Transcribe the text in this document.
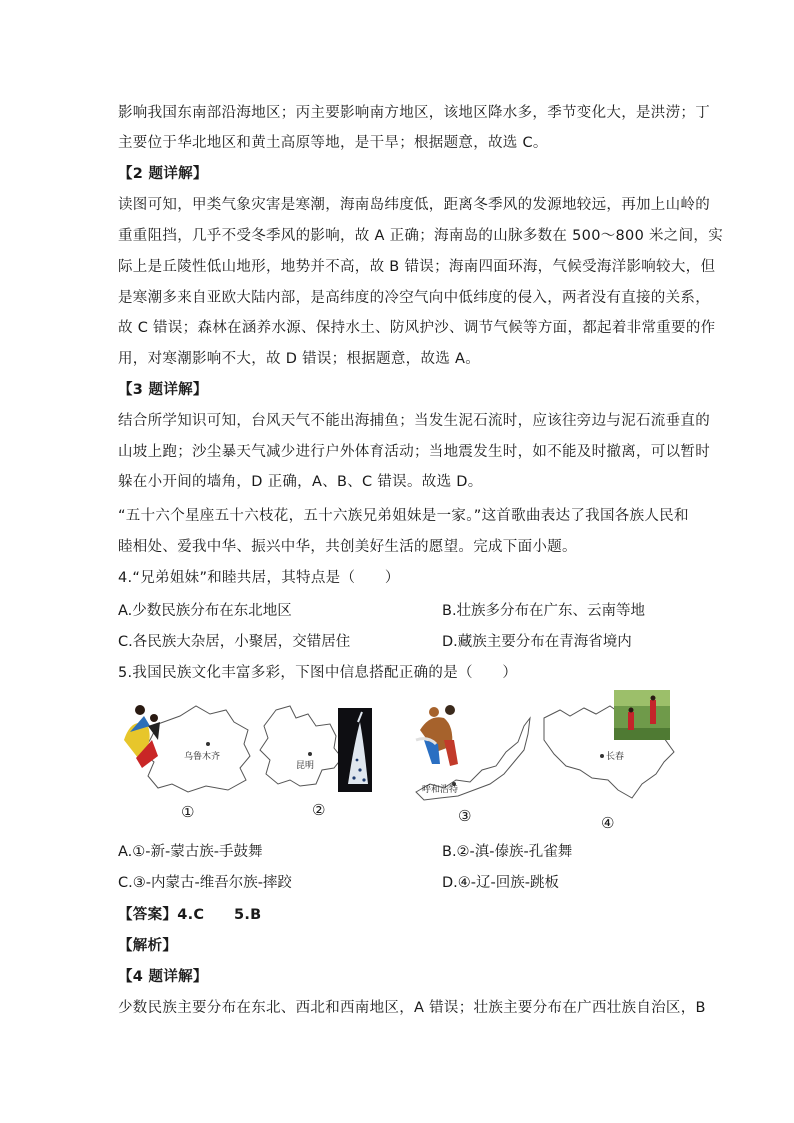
影响我国东南部沿海地区；丙主要影响南方地区，该地区降水多，季节变化大，是洪涝；丁
主要位于华北地区和黄土高原等地，是干旱；根据题意，故选 C。
【2 题详解】
读图可知，甲类气象灾害是寒潮，海南岛纬度低，距离冬季风的发源地较远，再加上山岭的
重重阻挡，几乎不受冬季风的影响，故 A 正确；海南岛的山脉多数在 500～800 米之间，实
际上是丘陵性低山地形，地势并不高，故 B 错误；海南四面环海，气候受海洋影响较大，但
是寒潮多来自亚欧大陆内部，是高纬度的冷空气向中低纬度的侵入，两者没有直接的关系，
故 C 错误；森林在涵养水源、保持水土、防风护沙、调节气候等方面，都起着非常重要的作
用，对寒潮影响不大，故 D 错误；根据题意，故选 A。
【3 题详解】
结合所学知识可知，台风天气不能出海捕鱼；当发生泥石流时，应该往旁边与泥石流垂直的
山坡上跑；沙尘暴天气减少进行户外体育活动；当地震发生时，如不能及时撤离，可以暂时
躲在小开间的墙角，D 正确，A、B、C 错误。故选 D。
“五十六个星座五十六枝花，五十六族兄弟姐妹是一家。”这首歌曲表达了我国各族人民和
睦相处、爱我中华、振兴中华，共创美好生活的愿望。完成下面小题。
4.“兄弟姐妹”和睦共居，其特点是（　　）
A.少数民族分布在东北地区	B.壮族多分布在广东、云南等地
C.各民族大杂居，小聚居，交错居住	D.藏族主要分布在青海省境内
5.我国民族文化丰富多彩，下图中信息搭配正确的是（　　）
乌鲁木齐
①
昆明
②
呼和浩特
③
长春
④
A.①-新-蒙古族-手鼓舞	B.②-滇-傣族-孔雀舞
C.③-内蒙古-维吾尔族-摔跤	D.④-辽-回族-跳板
【答案】4.C　　5.B
【解析】
【4 题详解】
少数民族主要分布在东北、西北和西南地区，A 错误；壮族主要分布在广西壮族自治区，B
